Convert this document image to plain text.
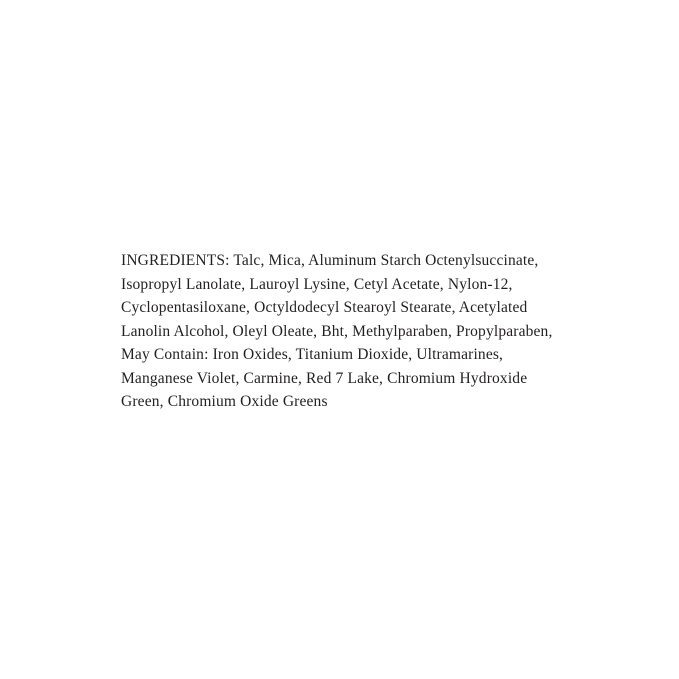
INGREDIENTS: Talc, Mica, Aluminum Starch Octenylsuccinate, Isopropyl Lanolate, Lauroyl Lysine, Cetyl Acetate, Nylon-12, Cyclopentasiloxane, Octyldodecyl Stearoyl Stearate, Acetylated Lanolin Alcohol, Oleyl Oleate, Bht, Methylparaben, Propylparaben, May Contain: Iron Oxides, Titanium Dioxide, Ultramarines, Manganese Violet, Carmine, Red 7 Lake, Chromium Hydroxide Green, Chromium Oxide Greens
